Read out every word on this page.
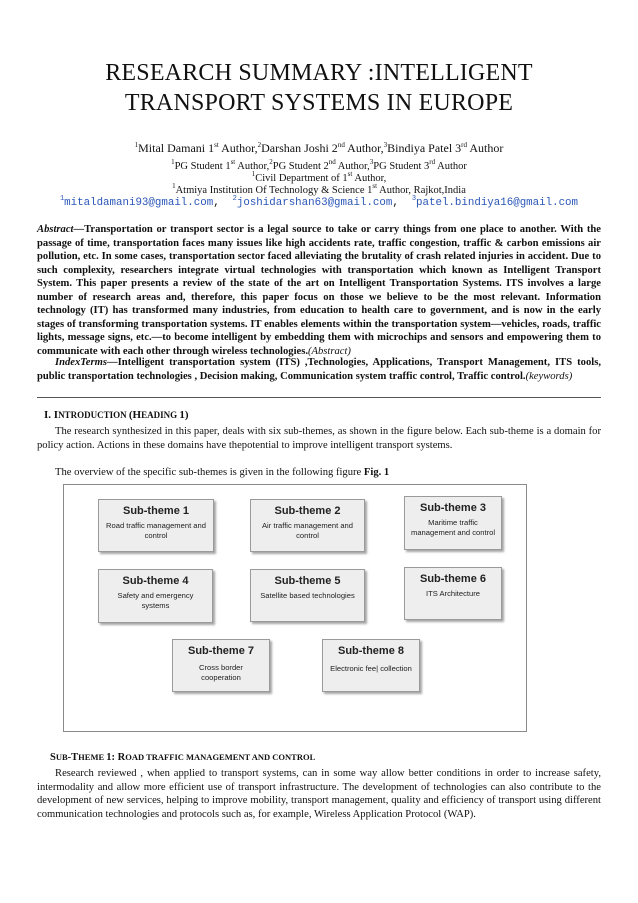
RESEARCH SUMMARY :INTELLIGENT
TRANSPORT SYSTEMS IN EUROPE
$^1$Mital Damani 1st Author,$^2$Darshan Joshi 2nd Author,$^3$Bindiya Patel 3rd Author
$^1$PG Student 1st Author,$^2$PG Student 2nd Author,$^3$PG Student 3rd Author
$^1$Civil Department of 1st Author,
$^1$Atmiya Institution Of Technology & Science 1st Author, Rajkot,India
$^1$mitaldamani93@gmail.com, $^2$joshidarshan63@gmail.com, $^3$patel.bindiya16@gmail.com

Abstract—Transportation or transport sector is a legal source to take or carry things from one place to another. With the passage of time, transportation faces many issues like high accidents rate, traffic congestion, traffic & carbon emissions air pollution, etc. In some cases, transportation sector faced alleviating the brutality of crash related injuries in accident. Due to such complexity, researchers integrate virtual technologies with transportation which known as Intelligent Transport System. This paper presents a review of the state of the art on Intelligent Transportation Systems. ITS involves a large number of research areas and, therefore, this paper focus on those we believe to be the most relevant. Information technology (IT) has transformed many industries, from education to health care to government, and is now in the early stages of transforming transportation systems. IT enables elements within the transportation system—vehicles, roads, traffic lights, message signs, etc.—to become intelligent by embedding them with microchips and sensors and empowering them to communicate with each other through wireless technologies.(Abstract)

IndexTerms—Intelligent transportation system (ITS) ,Technologies, Applications, Transport Management, ITS tools, public transportation technologies , Decision making, Communication system traffic control, Traffic control.(keywords)

I. INTRODUCTION (HEADING 1)

The research synthesized in this paper, deals with six sub-themes, as shown in the figure below. Each sub-theme is a domain for policy action. Actions in these domains have thepotential to improve intelligent transport systems.

The overview of the specific sub-themes is given in the following figure Fig. 1
Sub-theme 1
Road traffic management and control
Sub-theme 2
Air traffic management and control
Sub-theme 3
Maritime traffic management and control
Sub-theme 4
Safety and emergency systems
Sub-theme 5
Satellite based technologies
Sub-theme 6
ITS Architecture
Sub-theme 7
Cross border cooperation
Sub-theme 8
Electronic fee| collection
SUB-THEME 1: ROAD TRAFFIC MANAGEMENT AND CONTROL

Research reviewed , when applied to transport systems, can in some way allow better conditions in order to increase safety, intermodality and allow more efficient use of transport infrastructure. The development of technologies can also contribute to the development of new services, helping to improve mobility, transport management, quality and efficiency of transport using different communication technologies and protocols such as, for example, Wireless Application Protocol (WAP).
